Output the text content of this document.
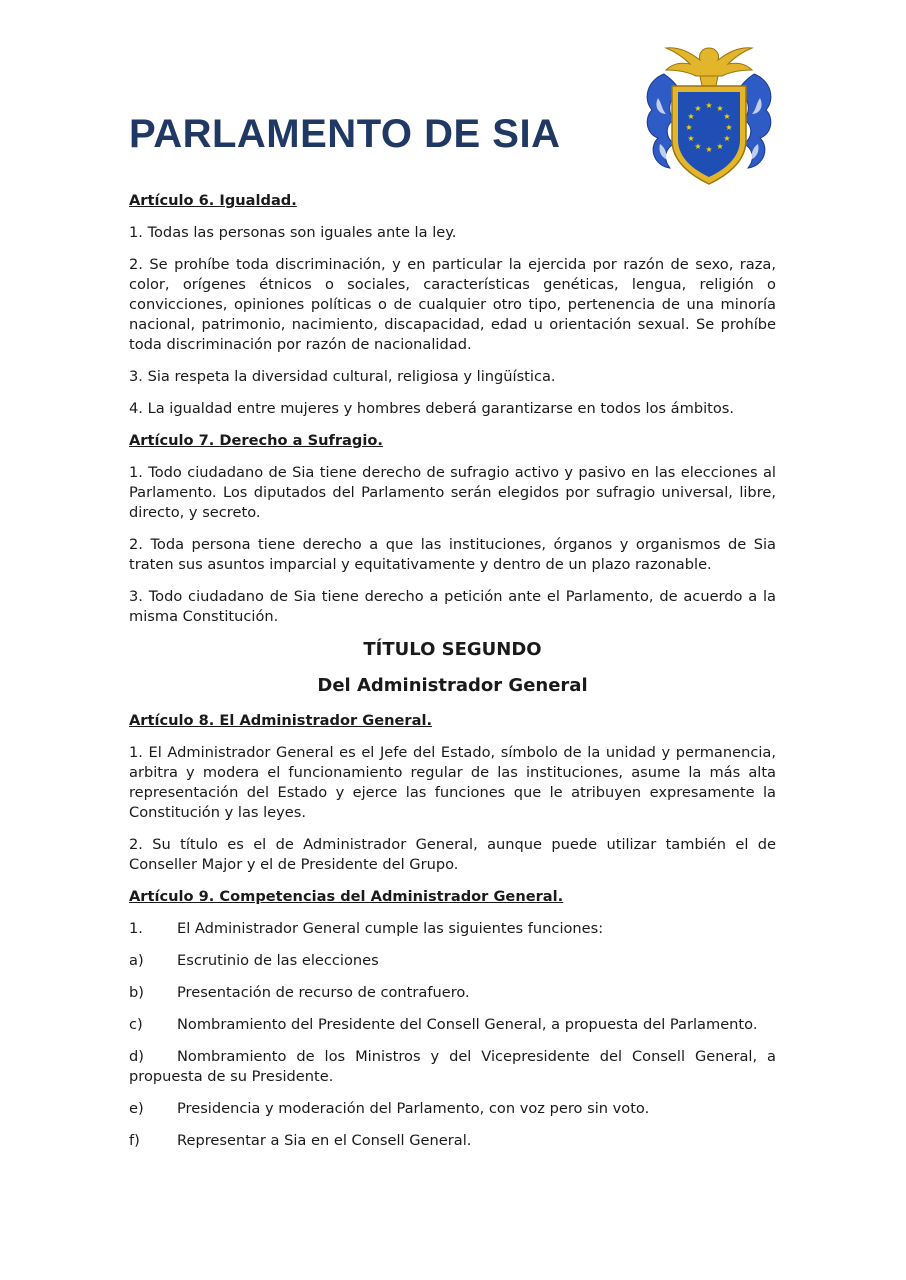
PARLAMENTO DE SIA
★ ★
★
★
★
★
★
★
★
★
★
★
Artículo 6. Igualdad.

1. Todas las personas son iguales ante la ley.

2. Se prohíbe toda discriminación, y en particular la ejercida por razón de sexo, raza, color, orígenes étnicos o sociales, características genéticas, lengua, religión o convicciones, opiniones políticas o de cualquier otro tipo, pertenencia de una minoría nacional, patrimonio, nacimiento, discapacidad, edad u orientación sexual. Se prohíbe toda discriminación por razón de nacionalidad.

3. Sia respeta la diversidad cultural, religiosa y lingüística.

4. La igualdad entre mujeres y hombres deberá garantizarse en todos los ámbitos.

Artículo 7. Derecho a Sufragio.

1. Todo ciudadano de Sia tiene derecho de sufragio activo y pasivo en las elecciones al Parlamento. Los diputados del Parlamento serán elegidos por sufragio universal, libre, directo, y secreto.

2. Toda persona tiene derecho a que las instituciones, órganos y organismos de Sia traten sus asuntos imparcial y equitativamente y dentro de un plazo razonable.

3. Todo ciudadano de Sia tiene derecho a petición ante el Parlamento, de acuerdo a la misma Constitución.

TÍTULO SEGUNDO
Del Administrador General
Artículo 8. El Administrador General.

1. El Administrador General es el Jefe del Estado, símbolo de la unidad y permanencia, arbitra y modera el funcionamiento regular de las instituciones, asume la más alta representación del Estado y ejerce las funciones que le atribuyen expresamente la Constitución y las leyes.

2. Su título es el de Administrador General, aunque puede utilizar también el de Conseller Major y el de Presidente del Grupo.

Artículo 9. Competencias del Administrador General.
1.	El Administrador General cumple las siguientes funciones:
a)	Escrutinio de las elecciones
b)	Presentación de recurso de contrafuero.
c)	Nombramiento del Presidente del Consell General, a propuesta del Parlamento.
d) Nombramiento de los Ministros y del Vicepresidente del Consell General, a propuesta de su Presidente.
e)	Presidencia y moderación del Parlamento, con voz pero sin voto.
f)	Representar a Sia en el Consell General.
